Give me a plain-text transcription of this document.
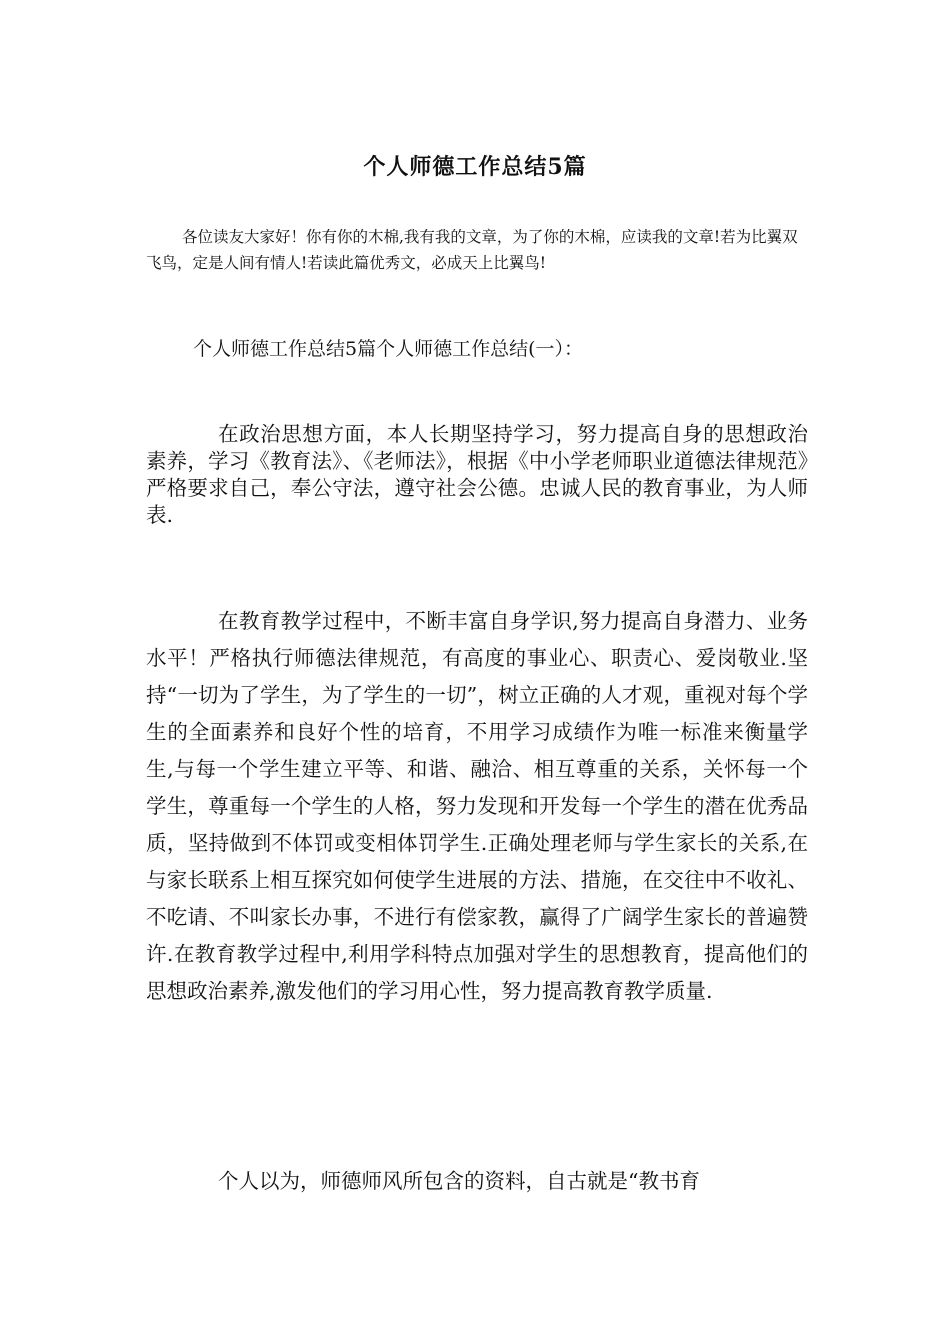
个人师德工作总结5篇
各位读友大家好！你有你的木棉,我有我的文章，为了你的木棉，应读我的文章!若为比翼双飞鸟，定是人间有情人!若读此篇优秀文，必成天上比翼鸟!
个人师德工作总结5篇个人师德工作总结(一）：
在政治思想方面，本人长期坚持学习，努力提高自身的思想政治素养，学习《教育法》、《老师法》，根据《中小学老师职业道德法律规范》严格要求自己，奉公守法，遵守社会公德。忠诚人民的教育事业，为人师表.
在教育教学过程中，不断丰富自身学识,努力提高自身潜力、业务水平！严格执行师德法律规范，有高度的事业心、职责心、爱岗敬业.坚持“一切为了学生，为了学生的一切”，树立正确的人才观，重视对每个学生的全面素养和良好个性的培育，不用学习成绩作为唯一标准来衡量学生,与每一个学生建立平等、和谐、融洽、相互尊重的关系，关怀每一个学生，尊重每一个学生的人格，努力发现和开发每一个学生的潜在优秀品质，坚持做到不体罚或变相体罚学生.正确处理老师与学生家长的关系,在与家长联系上相互探究如何使学生进展的方法、措施，在交往中不收礼、不吃请、不叫家长办事，不进行有偿家教，赢得了广阔学生家长的普遍赞许.在教育教学过程中,利用学科特点加强对学生的思想教育，提高他们的思想政治素养,激发他们的学习用心性，努力提高教育教学质量.
个人以为，师德师风所包含的资料，自古就是“教书育
